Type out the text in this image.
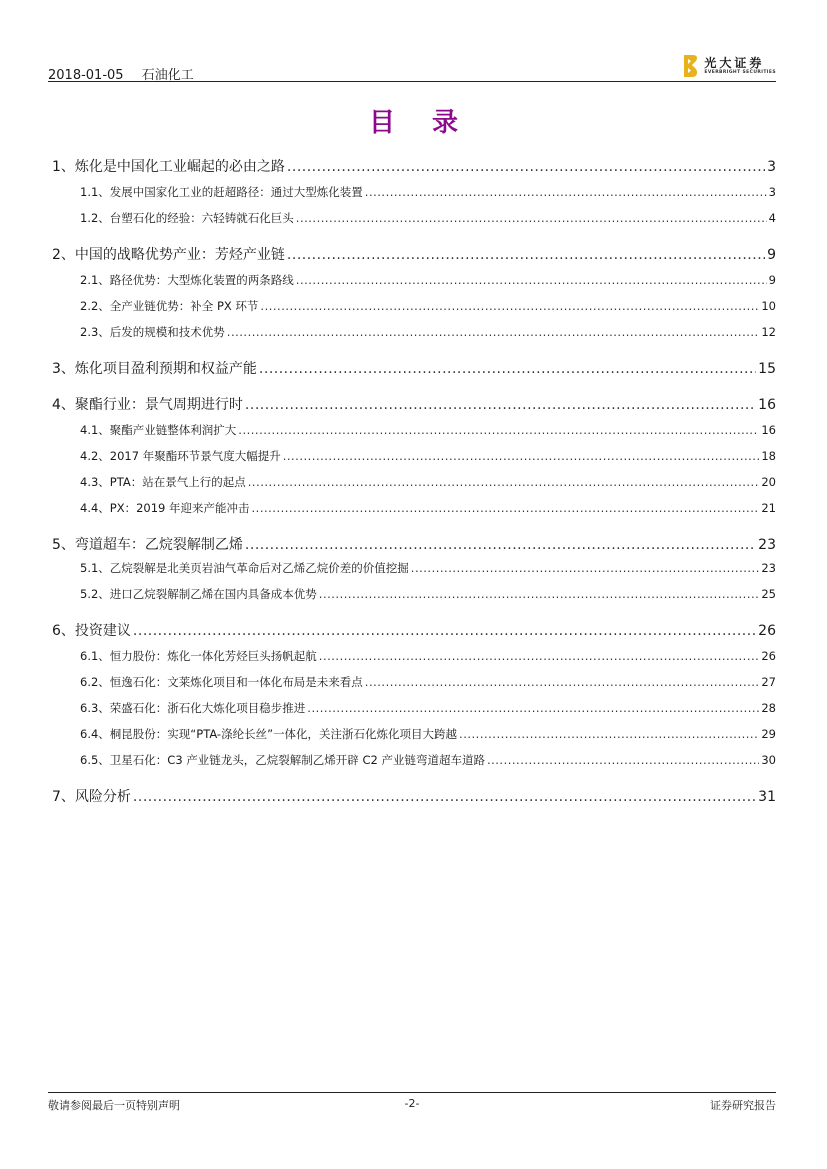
2018-01-05 石油化工
光大证券
EVERBRIGHT SECURITIES
目 录
1、 炼化是中国化工业崛起的必由之路 .....	3
1.1、 发展中国家化工业的赶超路径：通过大型炼化装置 .....	3
1.2、 台塑石化的经验：六轻铸就石化巨头 .....	4
2、 中国的战略优势产业：芳烃产业链 .....	9
2.1、 路径优势：大型炼化装置的两条路线 .....	9
2.2、 全产业链优势：补全 PX 环节 .....	10
2.3、 后发的规模和技术优势 .....	12
3、 炼化项目盈利预期和权益产能 .....	15
4、 聚酯行业：景气周期进行时 .....	16
4.1、 聚酯产业链整体利润扩大 .....	16
4.2、 2017 年聚酯环节景气度大幅提升 .....	18
4.3、 PTA：站在景气上行的起点 .....	20
4.4、 PX：2019 年迎来产能冲击 .....	21
5、 弯道超车：乙烷裂解制乙烯 .....	23
5.1、 乙烷裂解是北美页岩油气革命后对乙烯乙烷价差的价值挖掘 .....	23
5.2、 进口乙烷裂解制乙烯在国内具备成本优势 .....	25
6、 投资建议 .....	26
6.1、 恒力股份：炼化一体化芳烃巨头扬帆起航 .....	26
6.2、 恒逸石化：文莱炼化项目和一体化布局是未来看点 .....	27
6.3、 荣盛石化：浙石化大炼化项目稳步推进 .....	28
6.4、 桐昆股份：实现“PTA-涤纶长丝”一体化，关注浙石化炼化项目大跨越 .....	29
6.5、 卫星石化：C3 产业链龙头，乙烷裂解制乙烯开辟 C2 产业链弯道超车道路 .....	30
7、 风险分析 .....	31
敬请参阅最后一页特别声明	-2-	证券研究报告
